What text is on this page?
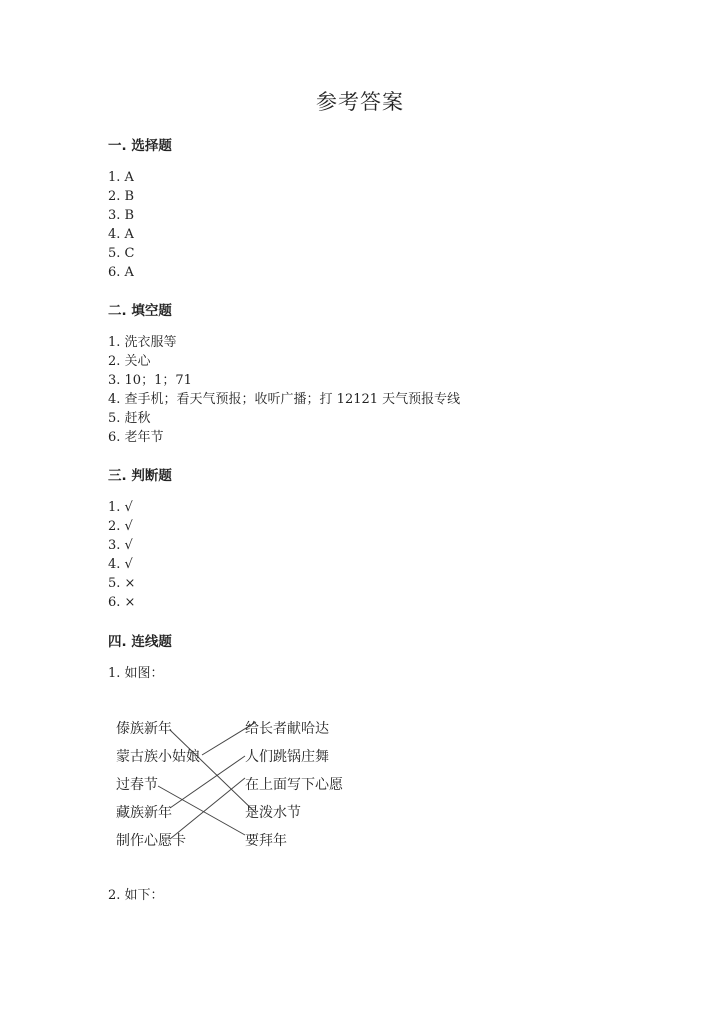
参考答案
一. 选择题
1. A
2. B
3. B
4. A
5. C
6. A
二. 填空题
1. 洗衣服等
2. 关心
3. 10；1；71
4. 查手机；看天气预报；收听广播；打 12121 天气预报专线
5. 赶秋
6. 老年节
三. 判断题
1. √
2. √
3. √
4. √
5. ×
6. ×
四. 连线题
1. 如图：
傣族新年
蒙古族小姑娘
过春节
藏族新年
制作心愿卡
给长者献哈达
人们跳锅庄舞
在上面写下心愿
是泼水节
要拜年
2. 如下：
